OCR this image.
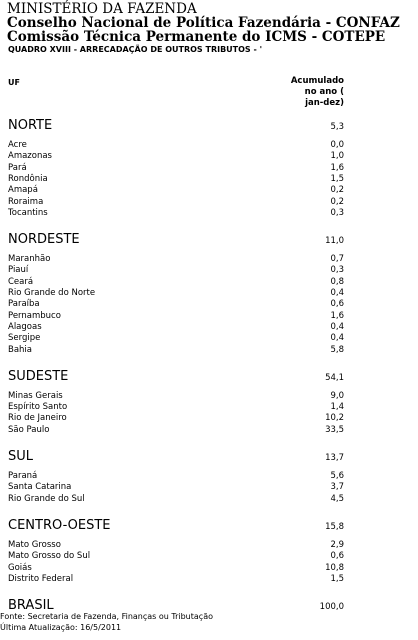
MINISTÉRIO DA FAZENDA
Conselho Nacional de Política Fazendária - CONFAZ
Comissão Técnica Permanente do ICMS - COTEPE
QUADRO XVIII - ARRECADAÇÃO DE OUTROS TRIBUTOS - '
UF	Acumulado
no ano (
jan-dez)
NORTE	5,3
Acre	0,0
Amazonas	1,0
Pará	1,6
Rondônia	1,5
Amapá	0,2
Roraima	0,2
Tocantins	0,3
NORDESTE	11,0
Maranhão	0,7
Piauí	0,3
Ceará	0,8
Rio Grande do Norte	0,4
Paraíba	0,6
Pernambuco	1,6
Alagoas	0,4
Sergipe	0,4
Bahia	5,8
SUDESTE	54,1
Minas Gerais	9,0
Espírito Santo	1,4
Rio de Janeiro	10,2
São Paulo	33,5
SUL	13,7
Paraná	5,6
Santa Catarina	3,7
Rio Grande do Sul	4,5
CENTRO-OESTE	15,8
Mato Grosso	2,9
Mato Grosso do Sul	0,6
Goiás	10,8
Distrito Federal	1,5
BRASIL	100,0
Fonte: Secretaria de Fazenda, Finanças ou Tributação
Última Atualização: 16/5/2011
